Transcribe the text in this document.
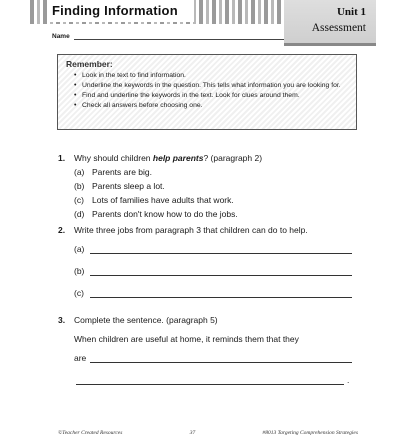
Finding Information	Unit 1
Assessment
Name
Remember:
• Look in the text to find information.
• Underline the keywords in the question. This tells what information you are looking for.
• Find and underline the keywords in the text. Look for clues around them.
• Check all answers before choosing one.
1. Why should children help parents? (paragraph 2)
(a) Parents are big.
(b) Parents sleep a lot.
(c) Lots of families have adults that work.
(d) Parents don't know how to do the jobs.
2. Write three jobs from paragraph 3 that children can do to help.
(a)
(b)
(c)
3. Complete the sentence. (paragraph 5)
When children are useful at home, it reminds them that they
are
.
©Teacher Created Resources	37	#8013 Targeting Comprehension Strategies
